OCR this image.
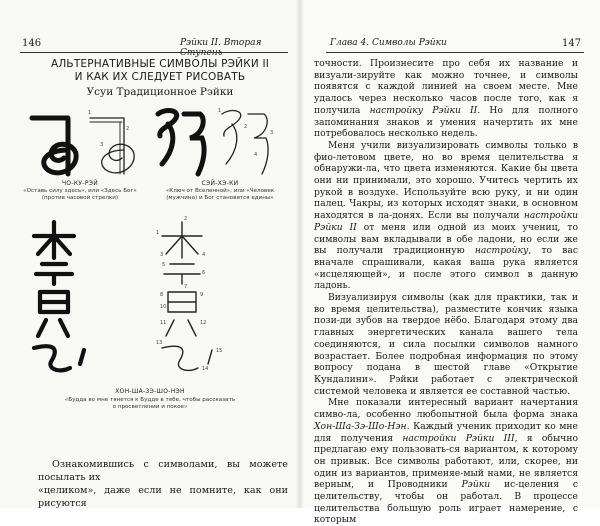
146	Рэйки II. Вторая Ступень
АЛЬТЕРНАТИВНЫЕ СИМВОЛЫ РЭЙКИ II
И КАК ИХ СЛЕДУЕТ РИСОВАТЬ
Усуи Традиционное Рэйки
1
2
3
ЧО-КУ-РЭЙ
«Оставь силу здесь», или «Здесь Бог»
(против часовой стрелки)
1
2
3
4
СЭЙ-ХЭ-КИ
«Ключ от Вселенной», или «Человек
(мужчина) и Бог становятся едины»
1
2
3	4
5
6
7
8	9
10
11	12
13
14
15
ХОН-ША-ЗЭ-ШО-НЭН
«Будда во мне тянется к Будде в тебе, чтобы рассказать
о просветлении и покое»
Ознакомившись с символами, вы можете посылать их
«целиком», даже если не помните, как они рисуются
Глава 4. Символы Рэйки	147

точности. Произнесите про себя их название и визуали-зируйте как можно точнее, и символы появятся с каждой линией на своем месте. Мне удалось через несколько часов после того, как я получила настройку Рэйки II. Но для полного запоминания знаков и умения начертить их мне потребовалось несколько недель.

Меня учили визуализировать символы только в фио-летовом цвете, но во время целительства я обнаружи-ла, что цвета изменяются. Какие бы цвета они ни принимали, это хорошо. Учитесь чертить их рукой в воздухе. Используйте всю руку, и ни один палец. Чакры, из которых исходят знаки, в основном находятся в ла-донях. Если вы получали настройки Рэйки II от меня или одной из моих учениц, то символы вам вкладывали в обе ладони, но если же вы получали традиционную настройку, то вас вначале спрашивали, какая ваша рука является «исцеляющей», и после этого символ в данную ладонь.

Визуализируя символы (как для практики, так и во время целительства), разместите кончик языка пози-ди зубов на твердое нёбо. Благодаря этому два главных энергетических канала вашего тела соединяются, и сила посылки символов намного возрастает. Более подробная информация по этому вопросу подана в шестой главе «Открытие Кундалини». Рэйки работает с электрической системой человека и является ее составной частью.

Мне показали интересный вариант начертания симво-ла, особенно любопытной была форма знака Хон-Ша-Зэ-Шо-Нэн. Каждый ученик приходит ко мне для получения настройки Рэйки III, я обычно предлагаю ему пользовать-ся вариантом, к которому он привык. Все символы работают, или, скорее, ни один из вариантов, применяе-мый нами, не является верным, и Проводники Рэйки ис-целения с целительству, чтобы он работал. В процессе целительства большую роль играет намерение, с которым
